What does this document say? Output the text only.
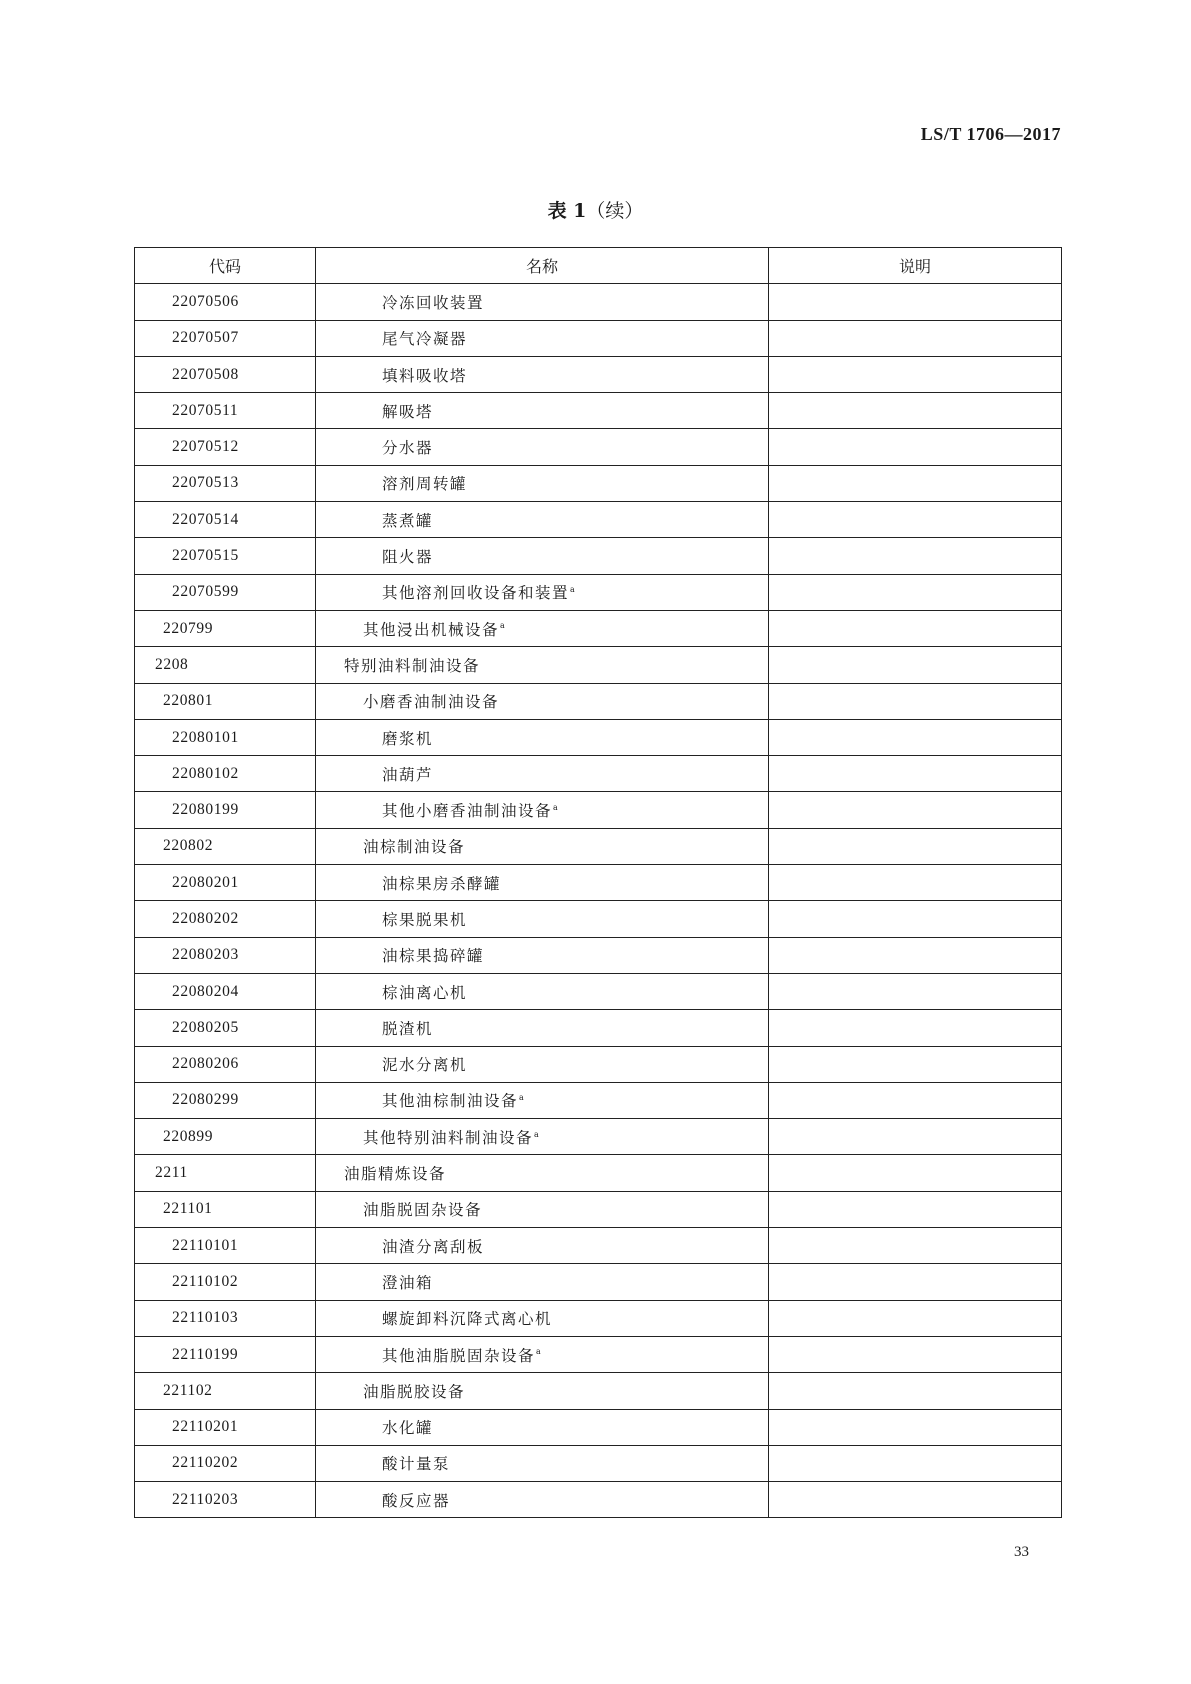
LS/T 1706—2017
表 1（续）
代码	名称	说明
22070506	冷冻回收装置	
22070507	尾气冷凝器	
22070508	填料吸收塔	
22070511	解吸塔	
22070512	分水器	
22070513	溶剂周转罐	
22070514	蒸煮罐	
22070515	阻火器	
22070599	其他溶剂回收设备和装置$^a$	
220799	其他浸出机械设备$^a$	
2208	特别油料制油设备	
220801	小磨香油制油设备	
22080101	磨浆机	
22080102	油葫芦	
22080199	其他小磨香油制油设备$^a$	
220802	油棕制油设备	
22080201	油棕果房杀酵罐	
22080202	棕果脱果机	
22080203	油棕果捣碎罐	
22080204	棕油离心机	
22080205	脱渣机	
22080206	泥水分离机	
22080299	其他油棕制油设备$^a$	
220899	其他特别油料制油设备$^a$	
2211	油脂精炼设备	
221101	油脂脱固杂设备	
22110101	油渣分离刮板	
22110102	澄油箱	
22110103	螺旋卸料沉降式离心机	
22110199	其他油脂脱固杂设备$^a$	
221102	油脂脱胶设备	
22110201	水化罐	
22110202	酸计量泵	
22110203	酸反应器	
33
